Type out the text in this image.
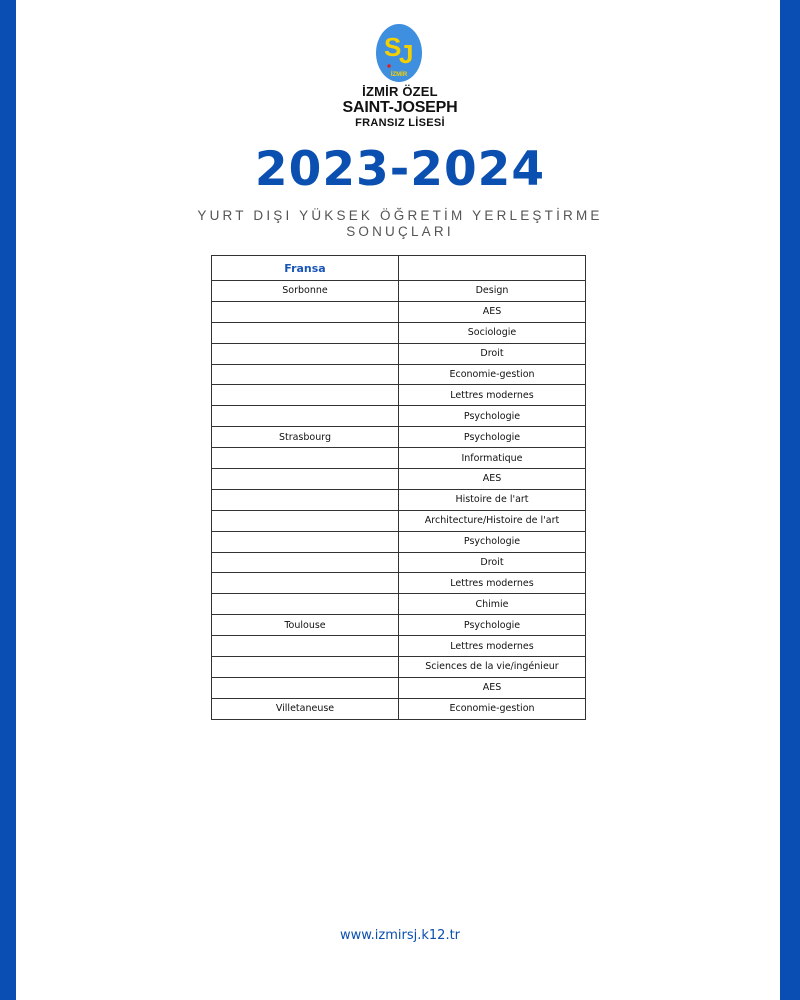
S
J
İZMİR
İZMİR ÖZEL
SAINT-JOSEPH
FRANSIZ LİSESİ
2023-2024
YURT DIŞI YÜKSEK ÖĞRETİM YERLEŞTİRME
SONUÇLARI
Fransa	
Sorbonne	Design
	AES
	Sociologie
	Droit
	Economie-gestion
	Lettres modernes
	Psychologie
Strasbourg	Psychologie
	Informatique
	AES
	Histoire de l'art
	Architecture/Histoire de l'art
	Psychologie
	Droit
	Lettres modernes
	Chimie
Toulouse	Psychologie
	Lettres modernes
	Sciences de la vie/ingénieur
	AES
Villetaneuse	Economie-gestion
www.izmirsj.k12.tr
